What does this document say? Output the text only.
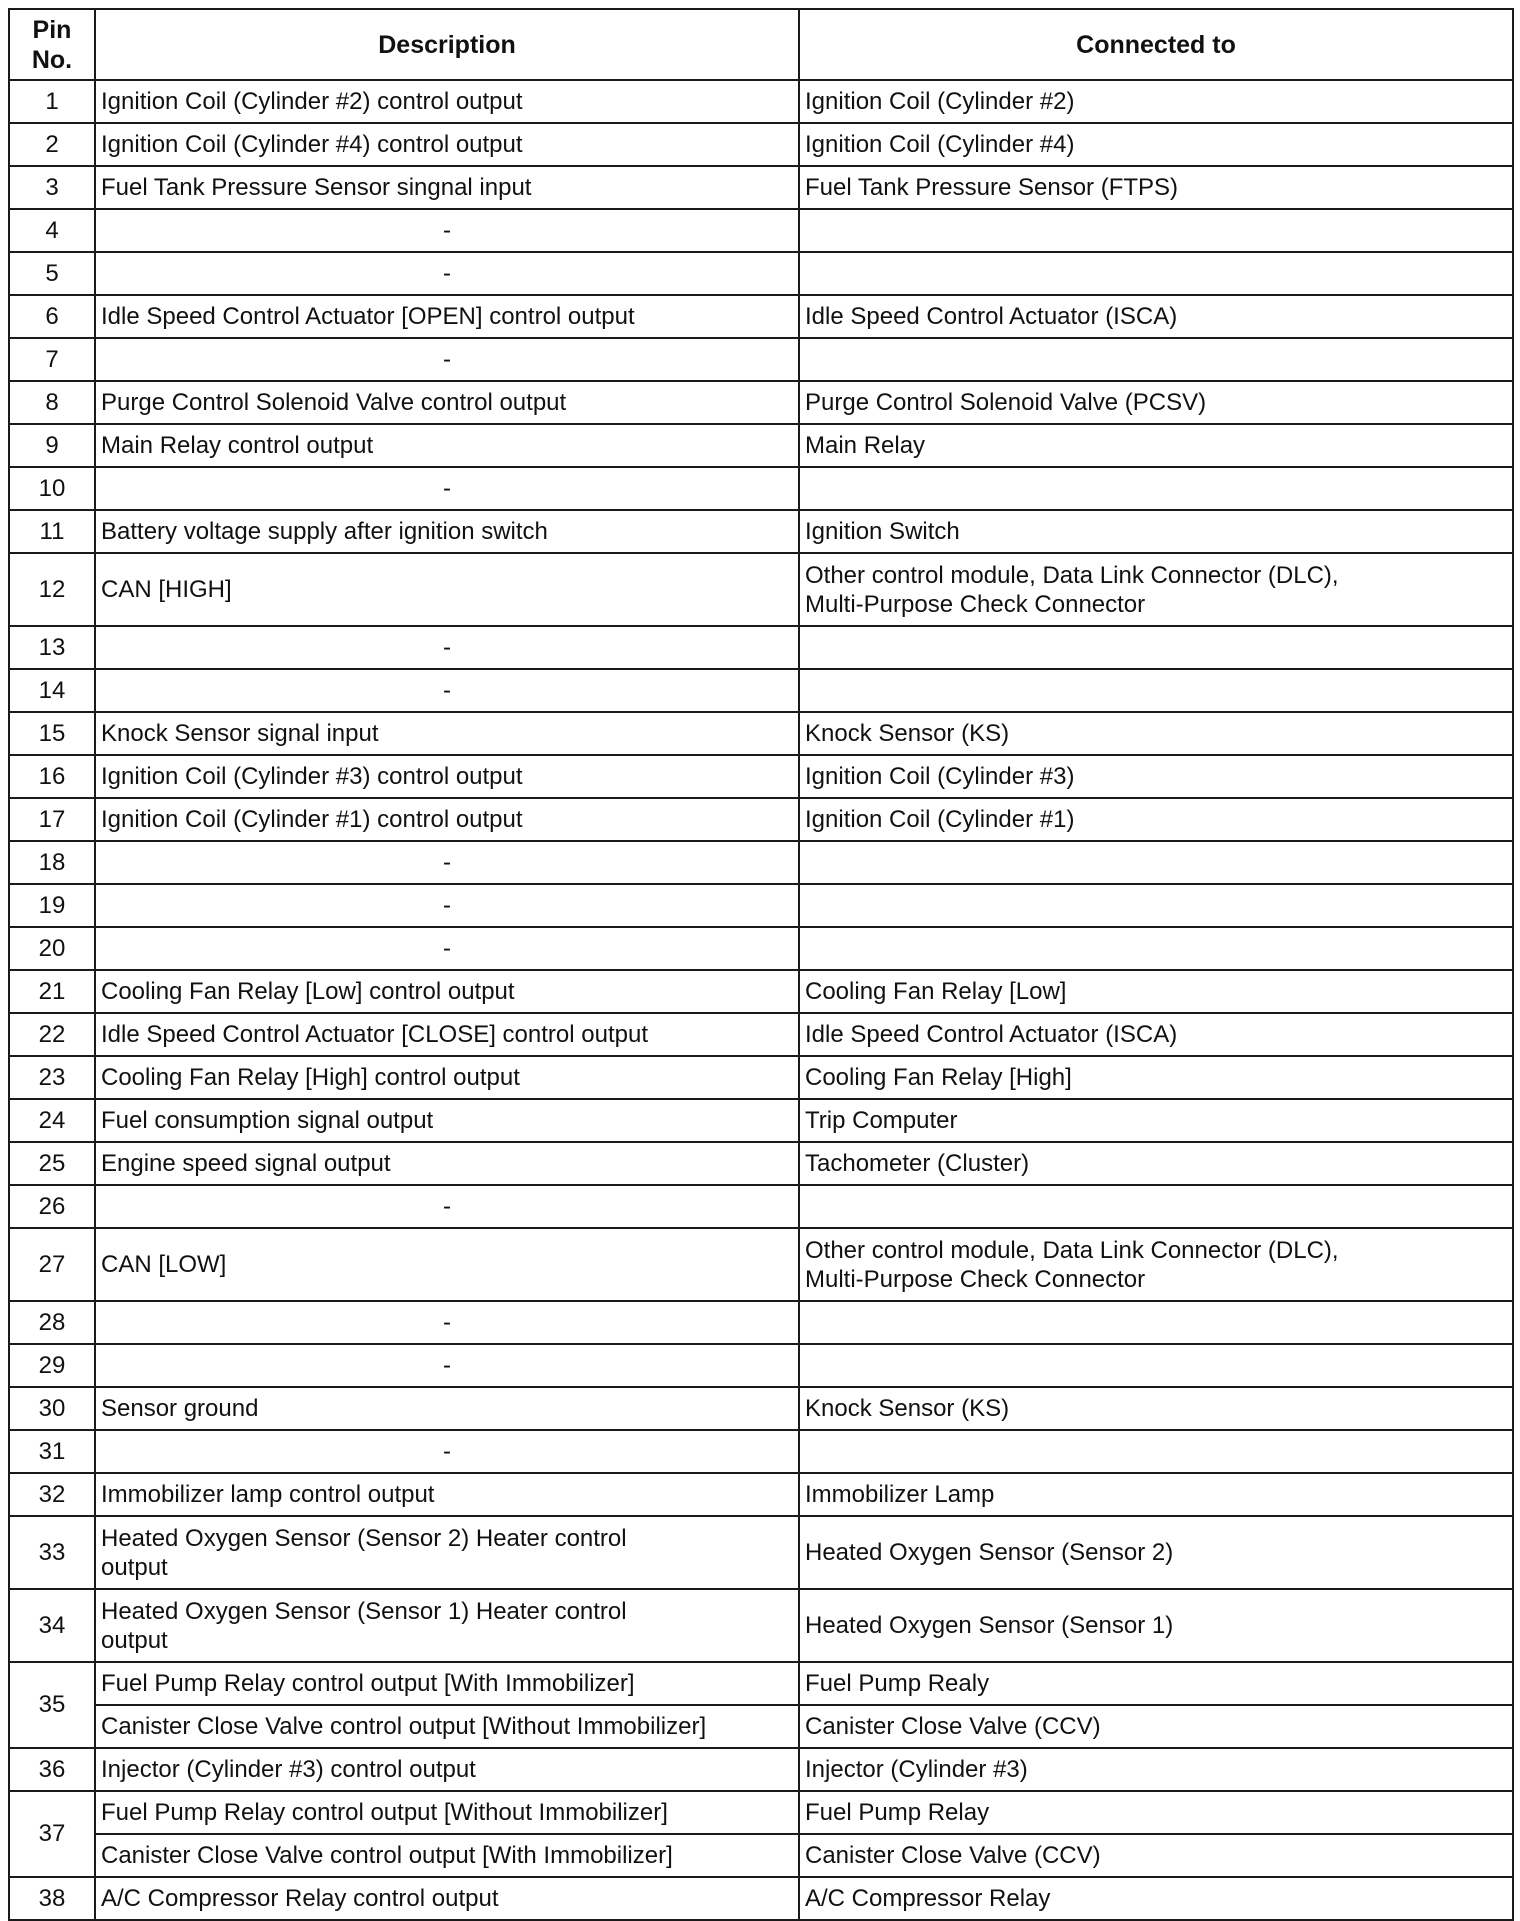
Pin
No.	Description	Connected to
1	Ignition Coil (Cylinder #2) control output	Ignition Coil (Cylinder #2)
2	Ignition Coil (Cylinder #4) control output	Ignition Coil (Cylinder #4)
3	Fuel Tank Pressure Sensor singnal input	Fuel Tank Pressure Sensor (FTPS)
4	-	
5	-	
6	Idle Speed Control Actuator [OPEN] control output	Idle Speed Control Actuator (ISCA)
7	-	
8	Purge Control Solenoid Valve control output	Purge Control Solenoid Valve (PCSV)
9	Main Relay control output	Main Relay
10	-	
11	Battery voltage supply after ignition switch	Ignition Switch
12	CAN [HIGH]	Other control module, Data Link Connector (DLC),
Multi-Purpose Check Connector
13	-	
14	-	
15	Knock Sensor signal input	Knock Sensor (KS)
16	Ignition Coil (Cylinder #3) control output	Ignition Coil (Cylinder #3)
17	Ignition Coil (Cylinder #1) control output	Ignition Coil (Cylinder #1)
18	-	
19	-	
20	-	
21	Cooling Fan Relay [Low] control output	Cooling Fan Relay [Low]
22	Idle Speed Control Actuator [CLOSE] control output	Idle Speed Control Actuator (ISCA)
23	Cooling Fan Relay [High] control output	Cooling Fan Relay [High]
24	Fuel consumption signal output	Trip Computer
25	Engine speed signal output	Tachometer (Cluster)
26	-	
27	CAN [LOW]	Other control module, Data Link Connector (DLC),
Multi-Purpose Check Connector
28	-	
29	-	
30	Sensor ground	Knock Sensor (KS)
31	-	
32	Immobilizer lamp control output	Immobilizer Lamp
33	Heated Oxygen Sensor (Sensor 2) Heater control
output	Heated Oxygen Sensor (Sensor 2)
34	Heated Oxygen Sensor (Sensor 1) Heater control
output	Heated Oxygen Sensor (Sensor 1)
35	Fuel Pump Relay control output [With Immobilizer]	Fuel Pump Realy
	Canister Close Valve control output [Without Immobilizer]	Canister Close Valve (CCV)
36	Injector (Cylinder #3) control output	Injector (Cylinder #3)
37	Fuel Pump Relay control output [Without Immobilizer]	Fuel Pump Relay
	Canister Close Valve control output [With Immobilizer]	Canister Close Valve (CCV)
38	A/C Compressor Relay control output	A/C Compressor Relay
